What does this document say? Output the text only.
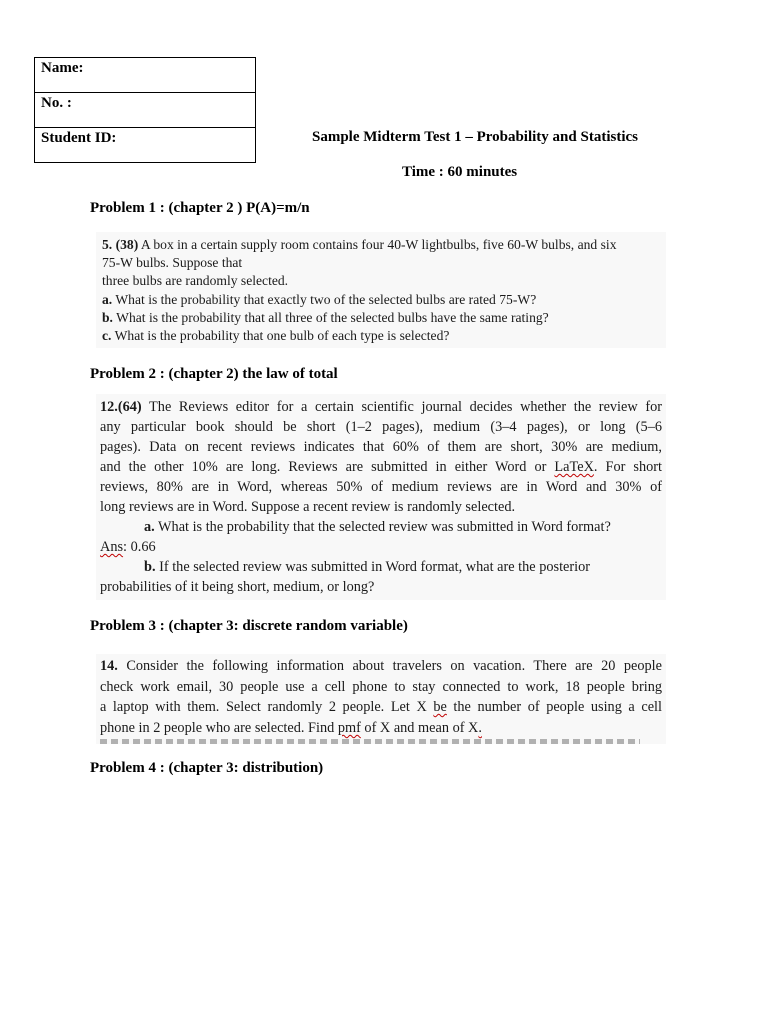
Name:
No. :
Student ID:	Sample Midterm Test 1 – Probability and Statistics
Time : 60 minutes
Problem 1 : (chapter 2 ) P(A)=m/n
5. (38) A box in a certain supply room contains four 40-W lightbulbs, five 60-W bulbs, and six
75-W bulbs. Suppose that
three bulbs are randomly selected.
a. What is the probability that exactly two of the selected bulbs are rated 75-W?
b. What is the probability that all three of the selected bulbs have the same rating?
c. What is the probability that one bulb of each type is selected?
Problem 2 : (chapter 2) the law of total
12.(64) The Reviews editor for a certain scientific journal decides whether the review for
any particular book should be short (1–2 pages), medium (3–4 pages), or long (5–6
pages). Data on recent reviews indicates that 60% of them are short, 30% are medium,
and the other 10% are long. Reviews are submitted in either Word or LaTeX. For short
reviews, 80% are in Word, whereas 50% of medium reviews are in Word and 30% of
long reviews are in Word. Suppose a recent review is randomly selected.
a. What is the probability that the selected review was submitted in Word format?
Ans: 0.66
b. If the selected review was submitted in Word format, what are the posterior
probabilities of it being short, medium, or long?
Problem 3 : (chapter 3: discrete random variable)
14. Consider the following information about travelers on vacation. There are 20 people
check work email, 30 people use a cell phone to stay connected to work, 18 people bring
a laptop with them. Select randomly 2 people. Let X be the number of people using a cell
phone in 2 people who are selected. Find pmf of X and mean of X.
Problem 4 : (chapter 3: distribution)
